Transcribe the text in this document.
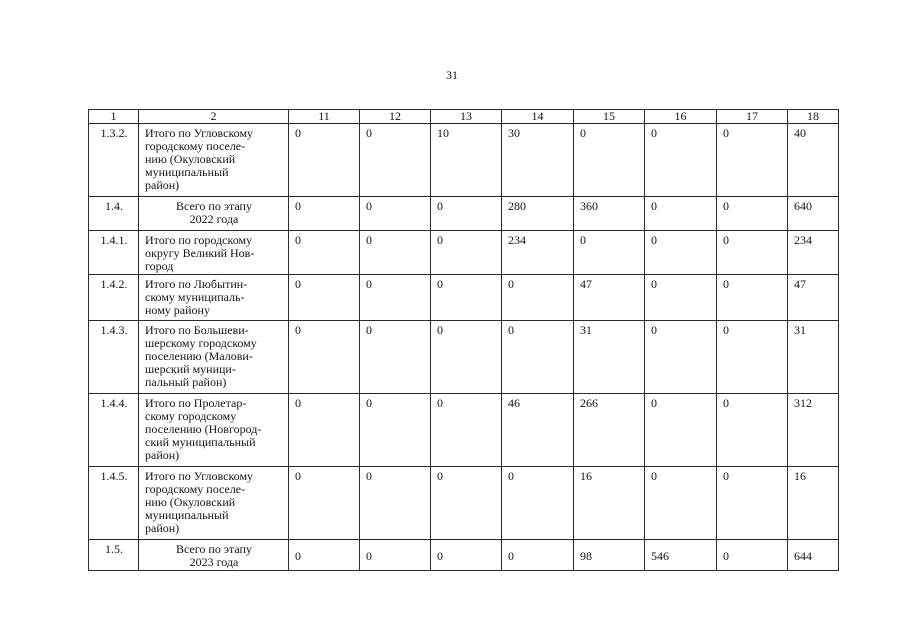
31
1	2	11	12	13	14	15	16	17	18
1.3.2.	Итого по Угловскому
городскому поселе-
нию (Окуловский
муниципальный
район)	0	0	10	30	0	0	0	40
1.4.	Всего по этапу
2022 года	0	0	0	280	360	0	0	640
1.4.1.	Итого по городскому
округу Великий Нов-
город	0	0	0	234	0	0	0	234
1.4.2.	Итого по Любытин-
скому муниципаль-
ному району	0	0	0	0	47	0	0	47
1.4.3.	Итого по Большеви-
шерскому городскому
поселению (Малови-
шерский муници-
пальный район)	0	0	0	0	31	0	0	31
1.4.4.	Итого по Пролетар-
скому городскому
поселению (Новгород-
ский муниципальный
район)	0	0	0	46	266	0	0	312
1.4.5.	Итого по Угловскому
городскому поселе-
нию (Окуловский
муниципальный
район)	0	0	0	0	16	0	0	16
1.5.	Всего по этапу
2023 года	0	0	0	0	98	546	0	644
